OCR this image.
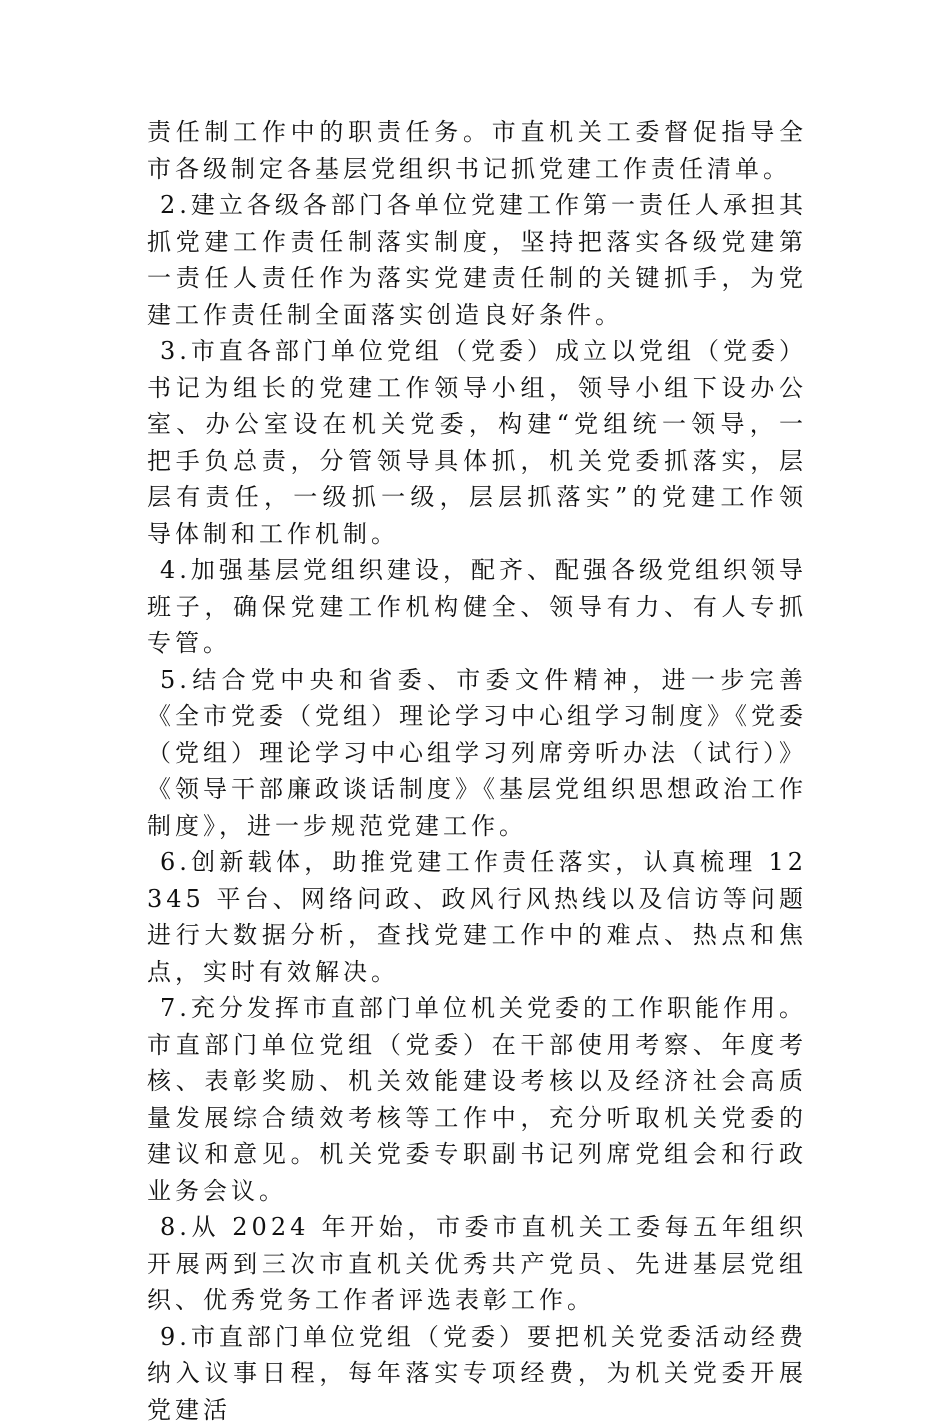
责任制工作中的职责任务。市直机关工委督促指导全市各级制定各基层党组织书记抓党建工作责任清单。

2.建立各级各部门各单位党建工作第一责任人承担其抓党建工作责任制落实制度，坚持把落实各级党建第一责任人责任作为落实党建责任制的关键抓手，为党建工作责任制全面落实创造良好条件。

3.市直各部门单位党组（党委）成立以党组（党委）书记为组长的党建工作领导小组，领导小组下设办公室、办公室设在机关党委，构建“党组统一领导，一把手负总责，分管领导具体抓，机关党委抓落实，层层有责任，一级抓一级，层层抓落实”的党建工作领导体制和工作机制。

4.加强基层党组织建设，配齐、配强各级党组织领导班子，确保党建工作机构健全、领导有力、有人专抓专管。

5.结合党中央和省委、市委文件精神，进一步完善《全市党委（党组）理论学习中心组学习制度》《党委（党组）理论学习中心组学习列席旁听办法（试行）》《领导干部廉政谈话制度》《基层党组织思想政治工作制度》，进一步规范党建工作。

6.创新载体，助推党建工作责任落实，认真梳理 12345 平台、网络问政、政风行风热线以及信访等问题进行大数据分析，查找党建工作中的难点、热点和焦点，实时有效解决。

7.充分发挥市直部门单位机关党委的工作职能作用。市直部门单位党组（党委）在干部使用考察、年度考核、表彰奖励、机关效能建设考核以及经济社会高质量发展综合绩效考核等工作中，充分听取机关党委的建议和意见。机关党委专职副书记列席党组会和行政业务会议。

8.从 2024 年开始，市委市直机关工委每五年组织开展两到三次市直机关优秀共产党员、先进基层党组织、优秀党务工作者评选表彰工作。

9.市直部门单位党组（党委）要把机关党委活动经费纳入议事日程，每年落实专项经费，为机关党委开展党建活
